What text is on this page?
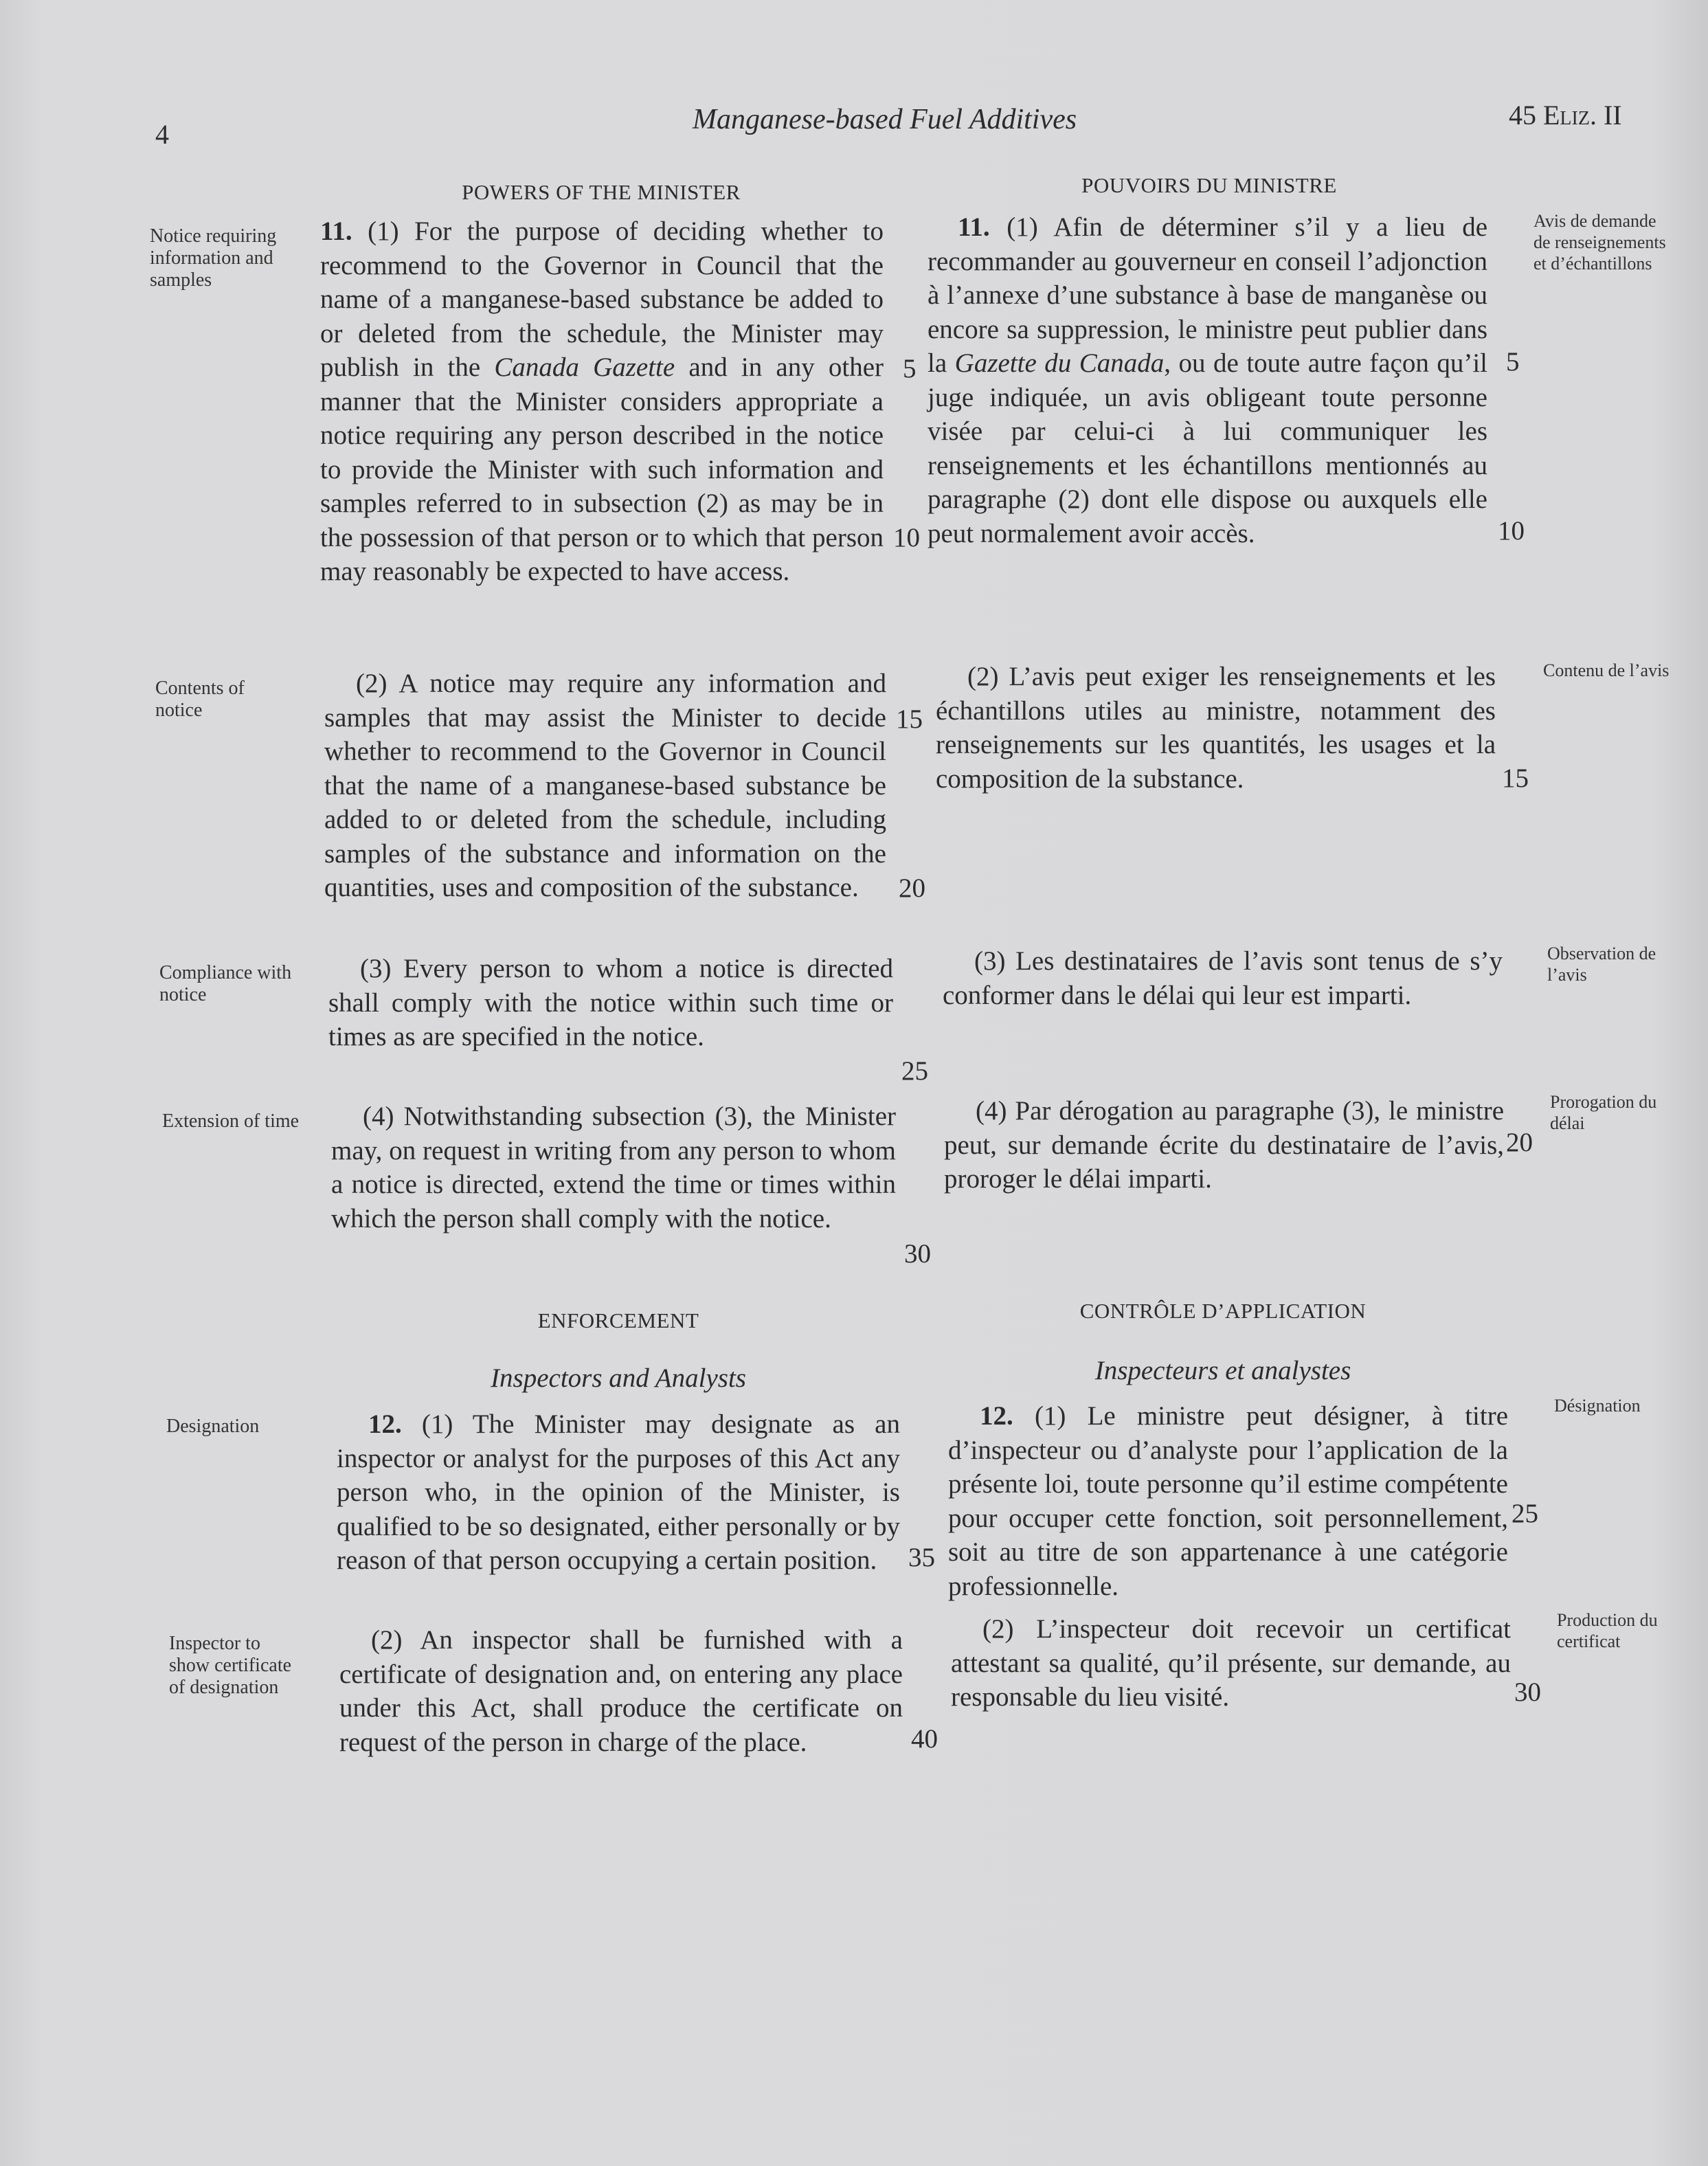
4	Manganese-based Fuel Additives	45 Eliz. II
POWERS OF THE MINISTER

11. (1) For the purpose of deciding whether to recommend to the Governor in Council that the name of a manganese-based substance be added to or deleted from the schedule, the Minister may publish in the Canada Gazette and in any other manner that the Minister considers appropriate a notice requiring any person described in the notice to provide the Minister with such information and samples referred to in subsection (2) as may be in the possession of that person or to which that person may reasonably be expected to have access.

(2) A notice may require any information and samples that may assist the Minister to decide whether to recommend to the Governor in Council that the name of a manganese-based substance be added to or deleted from the schedule, including samples of the substance and information on the quantities, uses and composition of the substance.

(3) Every person to whom a notice is directed shall comply with the notice within such time or times as are specified in the notice.

(4) Notwithstanding subsection (3), the Minister may, on request in writing from any person to whom a notice is directed, extend the time or times within which the person shall comply with the notice.

ENFORCEMENT
Inspectors and Analysts

12. (1) The Minister may designate as an inspector or analyst for the purposes of this Act any person who, in the opinion of the Minister, is qualified to be so designated, either personally or by reason of that person occupying a certain position.

(2) An inspector shall be furnished with a certificate of designation and, on entering any place under this Act, shall produce the certificate on request of the person in charge of the place.

5
10
15
20
25
30
35
40
Notice requiring information and samples
Contents of notice
Compliance with notice
Extension of time
Designation
Inspector to show certificate of designation
POUVOIRS DU MINISTRE

11. (1) Afin de déterminer s’il y a lieu de recommander au gouverneur en conseil l’adjonction à l’annexe d’une substance à base de manganèse ou encore sa suppression, le ministre peut publier dans la Gazette du Canada, ou de toute autre façon qu’il juge indiquée, un avis obligeant toute personne visée par celui-ci à lui communiquer les renseignements et les échantillons mentionnés au paragraphe (2) dont elle dispose ou auxquels elle peut normalement avoir accès.

(2) L’avis peut exiger les renseignements et les échantillons utiles au ministre, notamment des renseignements sur les quantités, les usages et la composition de la substance.

(3) Les destinataires de l’avis sont tenus de s’y conformer dans le délai qui leur est imparti.

(4) Par dérogation au paragraphe (3), le ministre peut, sur demande écrite du destinataire de l’avis, proroger le délai imparti.

CONTRÔLE D’APPLICATION
Inspecteurs et analystes

12. (1) Le ministre peut désigner, à titre d’inspecteur ou d’analyste pour l’application de la présente loi, toute personne qu’il estime compétente pour occuper cette fonction, soit personnellement, soit au titre de son appartenance à une catégorie professionnelle.

(2) L’inspecteur doit recevoir un certificat attestant sa qualité, qu’il présente, sur demande, au responsable du lieu visité.

5
10
15
20
25
30
Avis de demande de renseignements et d’échantillons
Contenu de l’avis
Observation de l’avis
Prorogation du délai
Désignation
Production du certificat
